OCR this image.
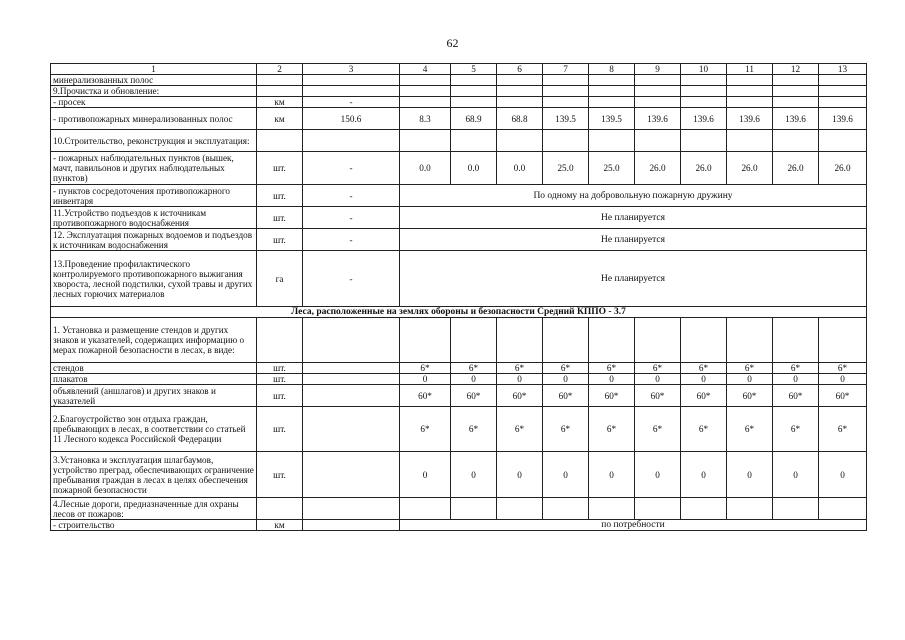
62
1	2	3	4	5	6	7	8	9	10	11	12	13
минерализованных полос												
9.Прочистка и обновление:												
- просек	км	-										
- противопожарных минерализованных полос	км	150.6	8.3	68.9	68.8	139.5	139.5	139.6	139.6	139.6	139.6	139.6
10.Строительство, реконструкция и эксплуатация:												
- пожарных наблюдательных пунктов (вышек, мачт, павильонов и других наблюдательных пунктов)	шт.	-	0.0	0.0	0.0	25.0	25.0	26.0	26.0	26.0	26.0	26.0
- пунктов сосредоточения противопожарного инвентаря	шт.	-	По одному на добровольную пожарную дружину									
11.Устройство подъездов к источникам противопожарного водоснабжения	шт.	-	Не планируется									
12. Эксплуатация пожарных водоемов и подъездов к источникам водоснабжения	шт.	-	Не планируется									
13.Проведение профилактического контролируемого противопожарного выжигания хвороста, лесной подстилки, сухой травы и других лесных горючих материалов	га	-	Не планируется									
Леса, расположенные на землях обороны и безопасности Средний КППО - 3.7												
1. Установка и размещение стендов и других знаков и указателей, содержащих информацию о мерах пожарной безопасности в лесах, в виде:												
стендов	шт.		6*	6*	6*	6*	6*	6*	6*	6*	6*	6*
плакатов	шт.		0	0	0	0	0	0	0	0	0	0
объявлений (аншлагов) и других знаков и указателей	шт.		60*	60*	60*	60*	60*	60*	60*	60*	60*	60*
2.Благоустройство зон отдыха граждан, пребывающих в лесах, в соответствии со статьей 11 Лесного кодекса Российской Федерации	шт.		6*	6*	6*	6*	6*	6*	6*	6*	6*	6*
3.Установка и эксплуатация шлагбаумов, устройство преград, обеспечивающих ограничение пребывания граждан в лесах в целях обеспечения пожарной безопасности	шт.		0	0	0	0	0	0	0	0	0	0
4.Лесные дороги, предназначенные для охраны лесов от пожаров:												
- строительство	км		по потребности									
